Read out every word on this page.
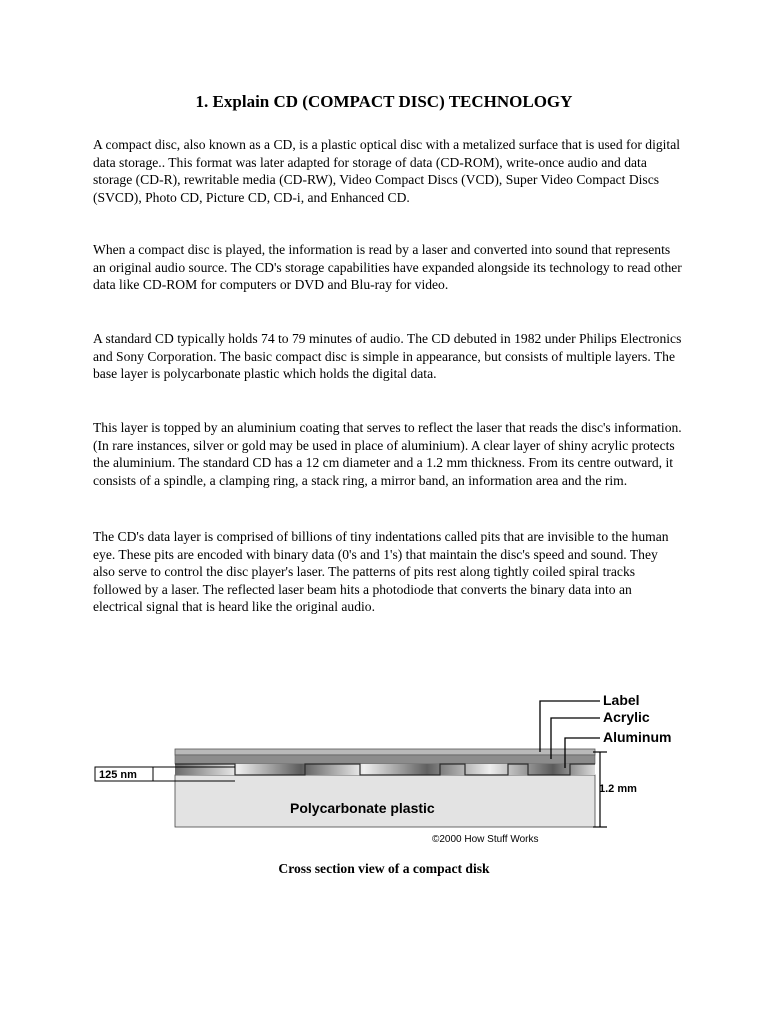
1. Explain CD (COMPACT DISC) TECHNOLOGY

A compact disc, also known as a CD, is a plastic optical disc with a metalized surface that is used for digital data storage.. This format was later adapted for storage of data (CD-ROM), write-once audio and data storage (CD-R), rewritable media (CD-RW), Video Compact Discs (VCD), Super Video Compact Discs (SVCD), Photo CD, Picture CD, CD-i, and Enhanced CD.

When a compact disc is played, the information is read by a laser and converted into sound that represents an original audio source. The CD's storage capabilities have expanded alongside its technology to read other data like CD-ROM for computers or DVD and Blu-ray for video.

A standard CD typically holds 74 to 79 minutes of audio. The CD debuted in 1982 under Philips Electronics and Sony Corporation. The basic compact disc is simple in appearance, but consists of multiple layers. The base layer is polycarbonate plastic which holds the digital data.

This layer is topped by an aluminium coating that serves to reflect the laser that reads the disc's information. (In rare instances, silver or gold may be used in place of aluminium). A clear layer of shiny acrylic protects the aluminium. The standard CD has a 12 cm diameter and a 1.2 mm thickness. From its centre outward, it consists of a spindle, a clamping ring, a stack ring, a mirror band, an information area and the rim.

The CD's data layer is comprised of billions of tiny indentations called pits that are invisible to the human eye. These pits are encoded with binary data (0's and 1's) that maintain the disc's speed and sound. They also serve to control the disc player's laser. The patterns of pits rest along tightly coiled spiral tracks followed by a laser. The reflected laser beam hits a photodiode that converts the binary data into an electrical signal that is heard like the original audio.

Label
Acrylic
Aluminum
125 nm
1.2 mm
Polycarbonate plastic
©2000 How Stuff Works
Cross section view of a compact disk
